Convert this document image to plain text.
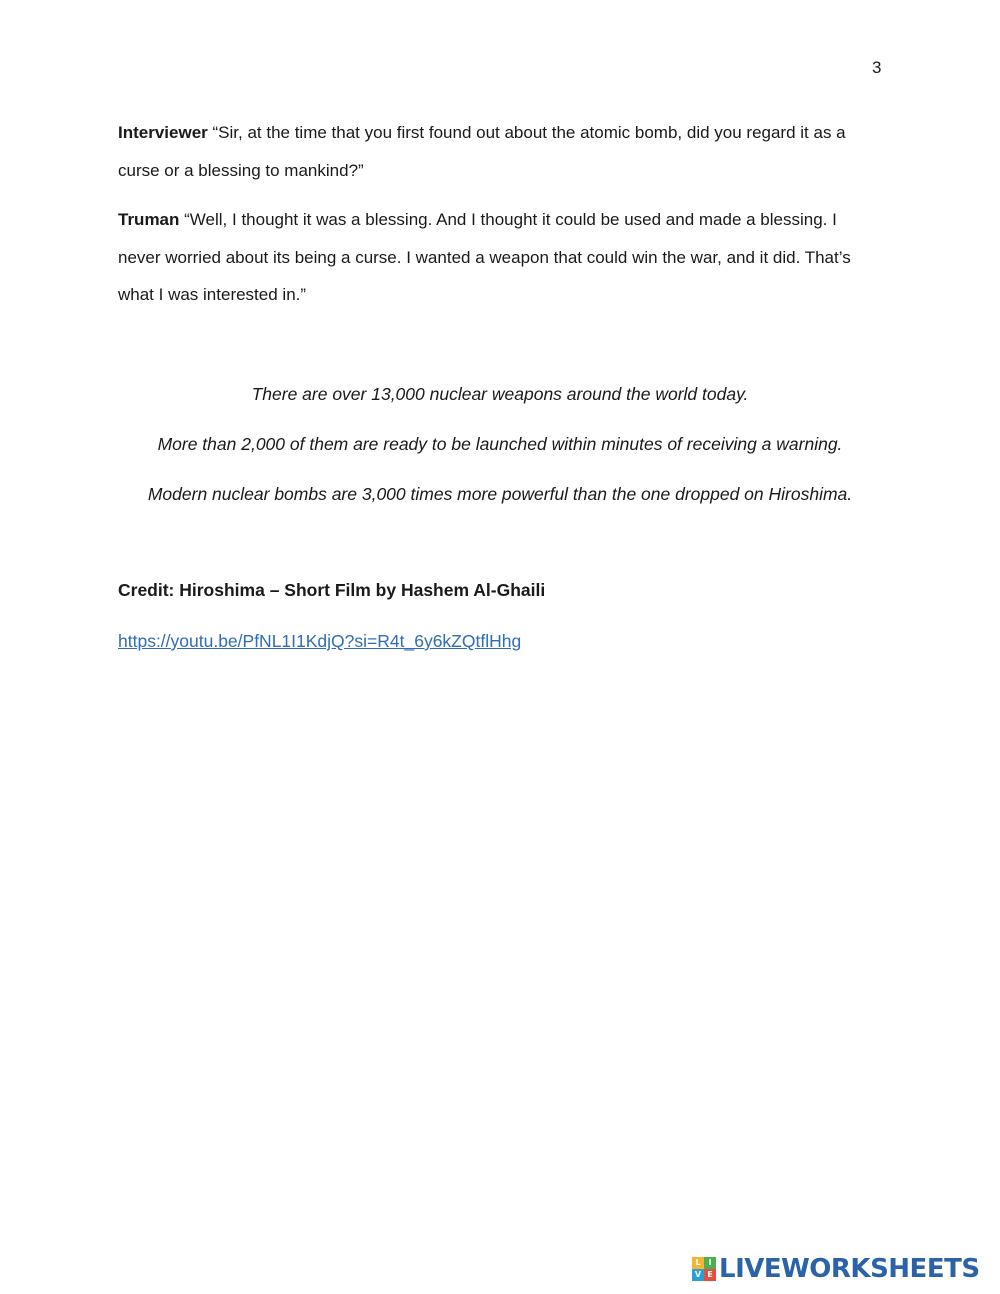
3

Interviewer “Sir, at the time that you first found out about the atomic bomb, did you regard it as a curse or a blessing to mankind?”

Truman “Well, I thought it was a blessing. And I thought it could be used and made a blessing. I never worried about its being a curse. I wanted a weapon that could win the war, and it did. That’s what I was interested in.”

There are over 13,000 nuclear weapons around the world today.

More than 2,000 of them are ready to be launched within minutes of receiving a warning.

Modern nuclear bombs are 3,000 times more powerful than the one dropped on Hiroshima.

Credit: Hiroshima – Short Film by Hashem Al-Ghaili

https://youtu.be/PfNL1I1KdjQ?si=R4t_6y6kZQtflHhg
L I
V E LIVEWORKSHEETS
